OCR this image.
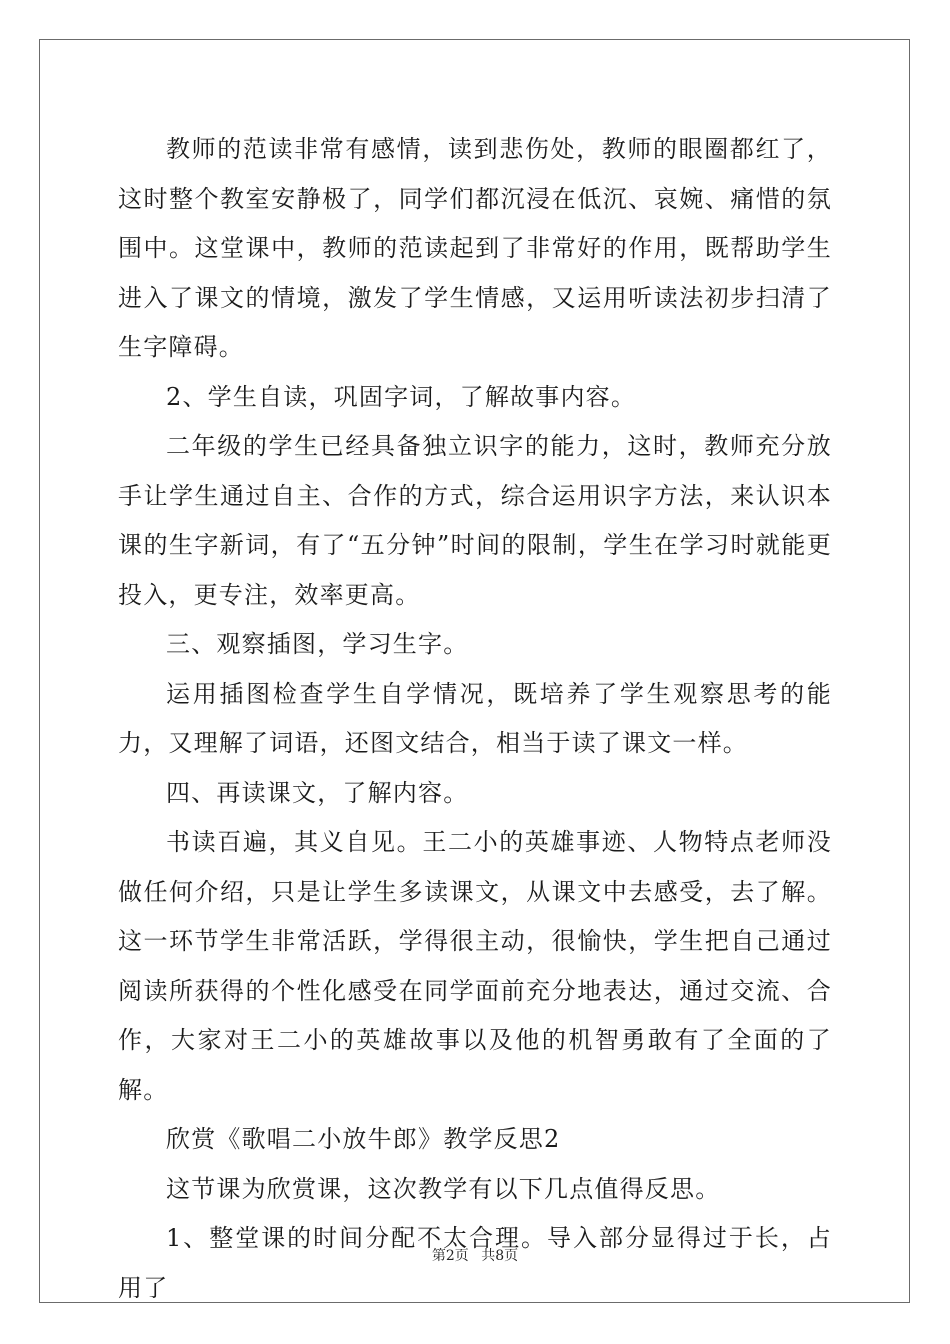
教师的范读非常有感情，读到悲伤处，教师的眼圈都红了，这时整个教室安静极了，同学们都沉浸在低沉、哀婉、痛惜的氛围中。这堂课中，教师的范读起到了非常好的作用，既帮助学生进入了课文的情境，激发了学生情感，又运用听读法初步扫清了生字障碍。

2、学生自读，巩固字词，了解故事内容。

二年级的学生已经具备独立识字的能力，这时，教师充分放手让学生通过自主、合作的方式，综合运用识字方法，来认识本课的生字新词，有了“五分钟”时间的限制，学生在学习时就能更投入，更专注，效率更高。

三、观察插图，学习生字。

运用插图检查学生自学情况，既培养了学生观察思考的能力，又理解了词语，还图文结合，相当于读了课文一样。

四、再读课文，了解内容。

书读百遍，其义自见。王二小的英雄事迹、人物特点老师没做任何介绍，只是让学生多读课文，从课文中去感受，去了解。这一环节学生非常活跃，学得很主动，很愉快，学生把自己通过阅读所获得的个性化感受在同学面前充分地表达，通过交流、合作，大家对王二小的英雄故事以及他的机智勇敢有了全面的了解。

欣赏《歌唱二小放牛郎》教学反思2

这节课为欣赏课，这次教学有以下几点值得反思。

1、整堂课的时间分配不太合理。导入部分显得过于长，占用了

第2页 共8页
